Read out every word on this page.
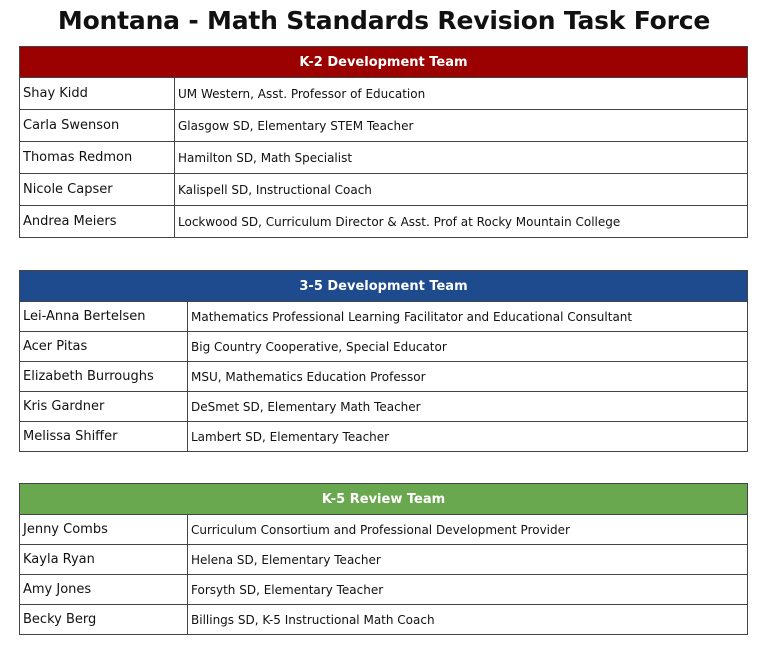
Montana - Math Standards Revision Task Force
K-2 Development Team	
Shay Kidd	UM Western, Asst. Professor of Education
Carla Swenson	Glasgow SD, Elementary STEM Teacher
Thomas Redmon	Hamilton SD, Math Specialist
Nicole Capser	Kalispell SD, Instructional Coach
Andrea Meiers	Lockwood SD, Curriculum Director & Asst. Prof at Rocky Mountain College
3-5 Development Team	
Lei-Anna Bertelsen	Mathematics Professional Learning Facilitator and Educational Consultant
Acer Pitas	Big Country Cooperative, Special Educator
Elizabeth Burroughs	MSU, Mathematics Education Professor
Kris Gardner	DeSmet SD, Elementary Math Teacher
Melissa Shiffer	Lambert SD, Elementary Teacher
K-5 Review Team	
Jenny Combs	Curriculum Consortium and Professional Development Provider
Kayla Ryan	Helena SD, Elementary Teacher
Amy Jones	Forsyth SD, Elementary Teacher
Becky Berg	Billings SD, K-5 Instructional Math Coach
